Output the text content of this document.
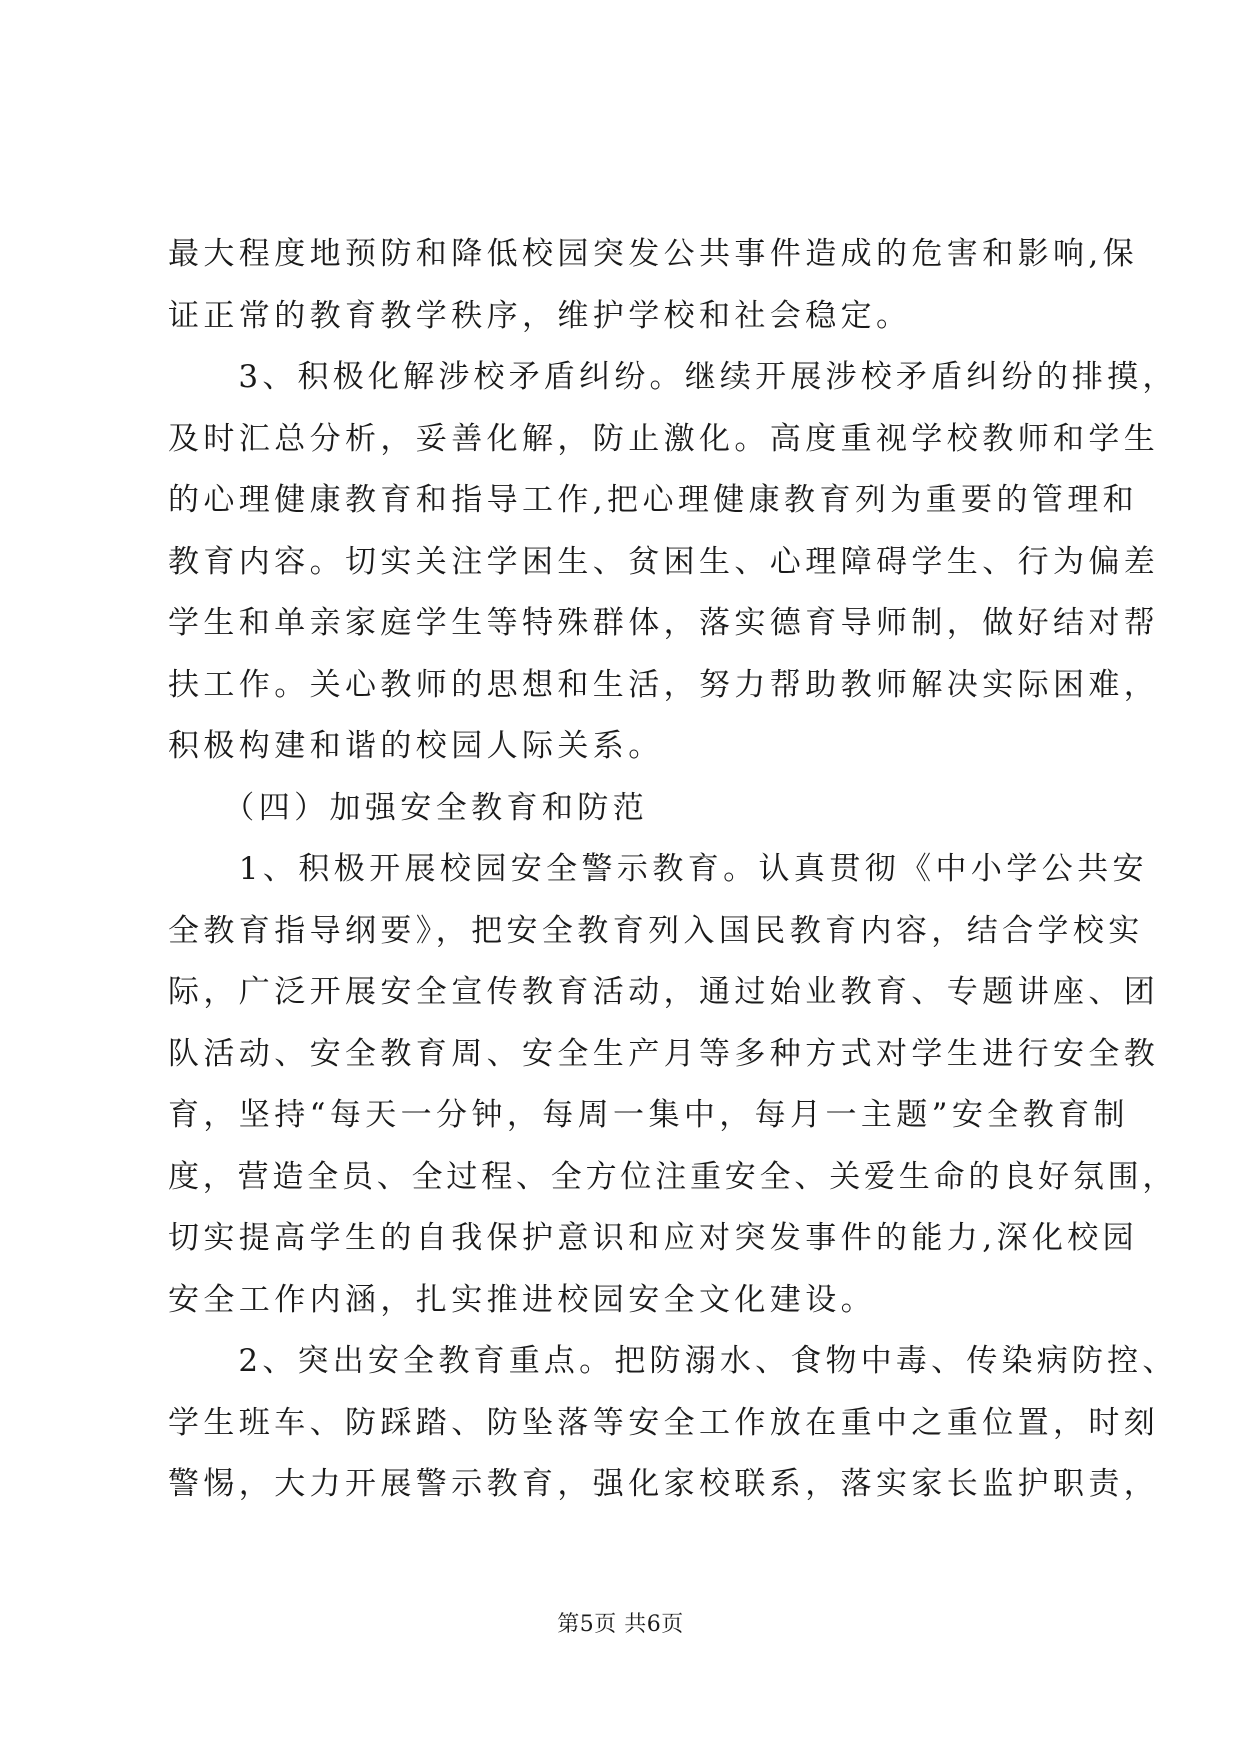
最大程度地预防和降低校园突发公共事件造成的危害和影响,保
证正常的教育教学秩序，维护学校和社会稳定。
　　3、积极化解涉校矛盾纠纷。继续开展涉校矛盾纠纷的排摸，
及时汇总分析，妥善化解，防止激化。高度重视学校教师和学生
的心理健康教育和指导工作,把心理健康教育列为重要的管理和
教育内容。切实关注学困生、贫困生、心理障碍学生、行为偏差
学生和单亲家庭学生等特殊群体，落实德育导师制，做好结对帮
扶工作。关心教师的思想和生活，努力帮助教师解决实际困难，
积极构建和谐的校园人际关系。
　　（四）加强安全教育和防范
　　1、积极开展校园安全警示教育。认真贯彻《中小学公共安
全教育指导纲要》，把安全教育列入国民教育内容，结合学校实
际，广泛开展安全宣传教育活动，通过始业教育、专题讲座、团
队活动、安全教育周、安全生产月等多种方式对学生进行安全教
育，坚持“每天一分钟，每周一集中，每月一主题”安全教育制
度，营造全员、全过程、全方位注重安全、关爱生命的良好氛围，
切实提高学生的自我保护意识和应对突发事件的能力,深化校园
安全工作内涵，扎实推进校园安全文化建设。
　　2、突出安全教育重点。把防溺水、食物中毒、传染病防控、
学生班车、防踩踏、防坠落等安全工作放在重中之重位置，时刻
警惕，大力开展警示教育，强化家校联系，落实家长监护职责，
第5页 共6页
